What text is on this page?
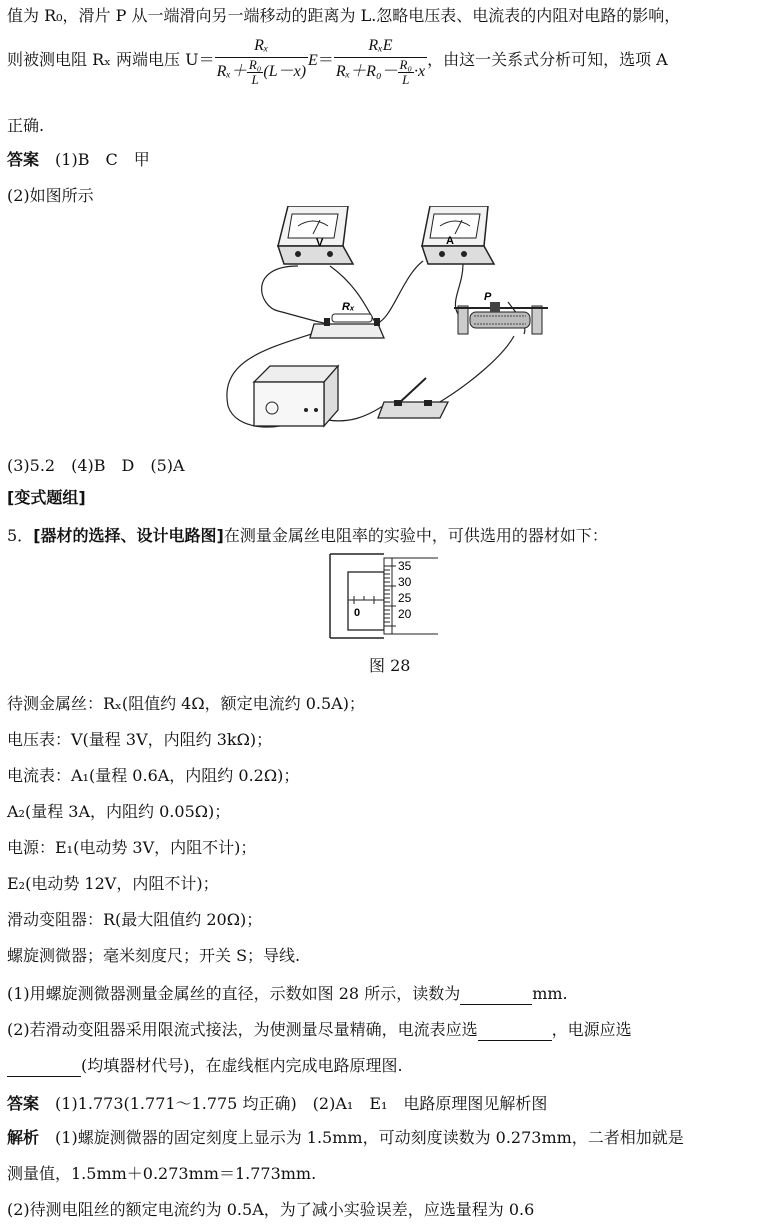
值为 R₀，滑片 P 从一端滑向另一端移动的距离为 L.忽略电压表、电流表的内阻对电路的影响，
则被测电阻 Rₓ 两端电压 $U= \frac{\text{Rₓ}}{R_x+ \frac{\text{R₀}}{L}(L-x)} E= \frac{\text{RₓE}}{R_x+R_0- \frac{\text{R₀}}{L}\cdot x}$ ，由这一关系式分析可知，选项 A
正确.
答案　 (1)B　C　甲
(2)如图所示
V	A
Rₓ
P
(3)5.2　(4)B　D　(5)A
[变式题组]
5．[器材的选择、设计电路图]在测量金属丝电阻率的实验中，可供选用的器材如下：
0
35
30
25
20
图 28
待测金属丝：Rₓ(阻值约 4Ω，额定电流约 0.5A)；
电压表：V(量程 3V，内阻约 3kΩ)；
电流表：A₁(量程 0.6A，内阻约 0.2Ω)；
A₂(量程 3A，内阻约 0.05Ω)；
电源：E₁(电动势 3V，内阻不计)；
E₂(电动势 12V，内阻不计)；
滑动变阻器：R(最大阻值约 20Ω)；
螺旋测微器；毫米刻度尺；开关 S；导线.
(1)用螺旋测微器测量金属丝的直径，示数如图 28 所示，读数为	mm.
(2)若滑动变阻器采用限流式接法，为使测量尽量精确，电流表应选	，电源应选
(均填器材代号)，在虚线框内完成电路原理图.
答案　 (1)1.773(1.771～1.775 均正确)　(2)A₁　E₁　电路原理图见解析图
解析　 (1)螺旋测微器的固定刻度上显示为 1.5mm，可动刻度读数为 0.273mm，二者相加就是
测量值，1.5mm＋0.273mm＝1.773mm.
(2)待测电阻丝的额定电流约为 0.5A，为了减小实验误差，应选量程为 0.6
